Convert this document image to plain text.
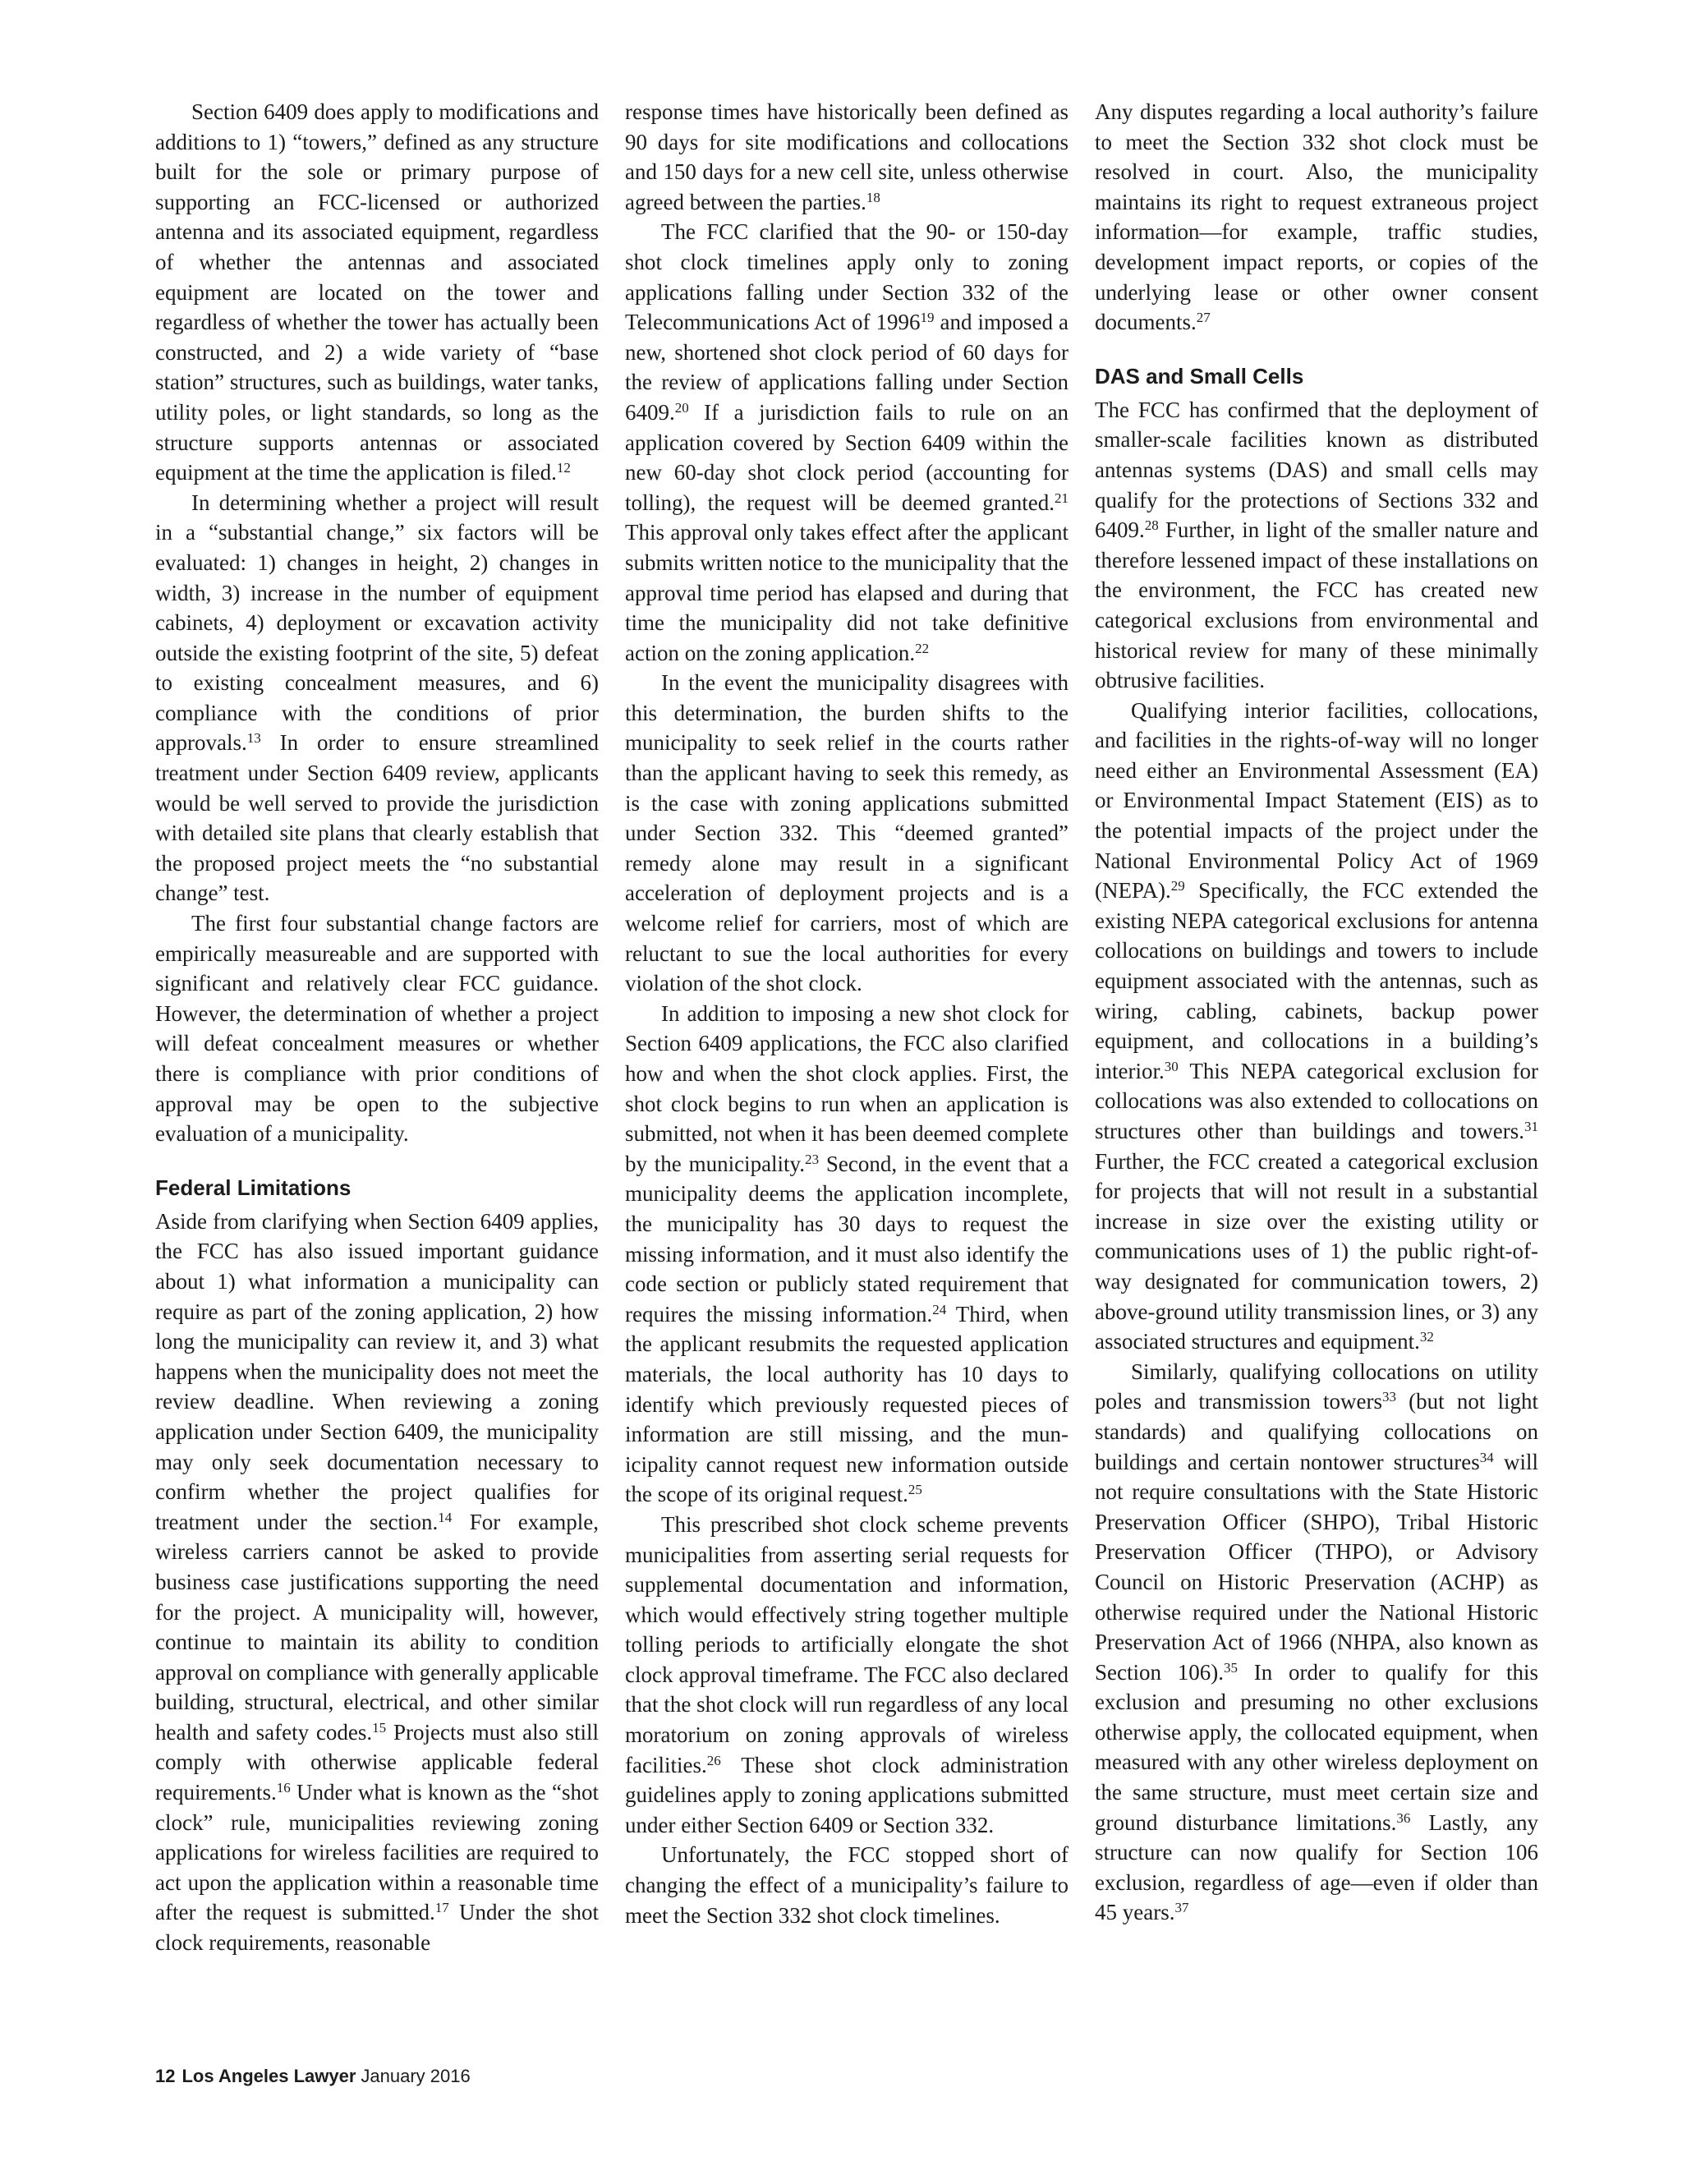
Section 6409 does apply to modifications and additions to 1) “towers,” defined as any structure built for the sole or primary purpose of supporting an FCC-licensed or authorized antenna and its associated equipment, regardless of whether the antennas and associated equipment are located on the tower and regardless of whether the tower has actually been constructed, and 2) a wide variety of “base station” structures, such as buildings, water tanks, utility poles, or light standards, so long as the structure supports antennas or associated equipment at the time the application is filed.$^{12}$

In determining whether a project will result in a “substantial change,” six factors will be evaluated: 1) changes in height, 2) changes in width, 3) increase in the number of equipment cabinets, 4) deployment or excavation activity outside the existing footprint of the site, 5) defeat to existing concealment measures, and 6) compliance with the conditions of prior approvals.$^{13}$ In order to ensure streamlined treatment under Section 6409 review, applicants would be well served to provide the jurisdiction with detailed site plans that clearly establish that the proposed project meets the “no substantial change” test.

The first four substantial change factors are empirically measureable and are supported with significant and relatively clear FCC guidance. However, the determination of whether a project will defeat concealment measures or whether there is compliance with prior conditions of approval may be open to the subjective evaluation of a municipality.

Federal Limitations

Aside from clarifying when Section 6409 applies, the FCC has also issued important guidance about 1) what information a municipality can require as part of the zoning application, 2) how long the municipality can review it, and 3) what happens when the municipality does not meet the review deadline. When reviewing a zoning application under Section 6409, the municipality may only seek documentation necessary to confirm whether the project qualifies for treatment under the section.$^{14}$ For example, wireless carriers cannot be asked to provide business case justifications supporting the need for the project. A municipality will, however, continue to maintain its ability to condition approval on compliance with generally applicable building, structural, electrical, and other similar health and safety codes.$^{15}$ Projects must also still comply with otherwise applicable federal requirements.$^{16}$ Under what is known as the “shot clock” rule, municipalities reviewing zoning applications for wireless facilities are required to act upon the application within a reasonable time after the request is submitted.$^{17}$ Under the shot clock requirements, reasonable

response times have historically been defined as 90 days for site modifications and collocations and 150 days for a new cell site, unless otherwise agreed between the parties.$^{18}$

The FCC clarified that the 90- or 150-day shot clock timelines apply only to zoning applications falling under Section 332 of the Telecommunications Act of 1996$^{19}$ and imposed a new, shortened shot clock period of 60 days for the review of applications falling under Section 6409.20 If a jurisdiction fails to rule on an application covered by Section 6409 within the new 60-day shot clock period (accounting for tolling), the request will be deemed granted.$^{21}$ This approval only takes effect after the applicant submits written notice to the municipality that the approval time period has elapsed and during that time the municipality did not take definitive action on the zoning application.$^{22}$

In the event the municipality disagrees with this determination, the burden shifts to the municipality to seek relief in the courts rather than the applicant having to seek this remedy, as is the case with zoning applications submitted under Section 332. This “deemed granted” remedy alone may result in a significant acceleration of deployment projects and is a welcome relief for carriers, most of which are reluctant to sue the local authorities for every violation of the shot clock.

In addition to imposing a new shot clock for Section 6409 applications, the FCC also clarified how and when the shot clock applies. First, the shot clock begins to run when an application is submitted, not when it has been deemed complete by the municipality.$^{23}$ Second, in the event that a municipality deems the application incomplete, the municipality has 30 days to request the missing information, and it must also identify the code section or publicly stated requirement that requires the missing information.$^{24}$ Third, when the applicant resubmits the requested application materials, the local authority has 10 days to identify which previously requested pieces of information are still missing, and the municipality cannot request new information outside the scope of its original request.$^{25}$

This prescribed shot clock scheme prevents municipalities from asserting serial requests for supplemental documentation and information, which would effectively string together multiple tolling periods to artificially elongate the shot clock approval timeframe. The FCC also declared that the shot clock will run regardless of any local moratorium on zoning approvals of wireless facilities.$^{26}$ These shot clock administration guidelines apply to zoning applications submitted under either Section 6409 or Section 332.

Unfortunately, the FCC stopped short of changing the effect of a municipality’s failure to meet the Section 332 shot clock timelines.

Any disputes regarding a local authority’s failure to meet the Section 332 shot clock must be resolved in court. Also, the municipality maintains its right to request extraneous project information—for example, traffic studies, development impact reports, or copies of the underlying lease or other owner consent documents.$^{27}$

DAS and Small Cells

The FCC has confirmed that the deployment of smaller-scale facilities known as distributed antennas systems (DAS) and small cells may qualify for the protections of Sections 332 and 6409.28 Further, in light of the smaller nature and therefore lessened impact of these installations on the environment, the FCC has created new categorical exclusions from environmental and historical review for many of these minimally obtrusive facilities.

Qualifying interior facilities, collocations, and facilities in the rights-of-way will no longer need either an Environmental Assessment (EA) or Environmental Impact Statement (EIS) as to the potential impacts of the project under the National Environmental Policy Act of 1969 (NEPA).$^{29}$ Specifically, the FCC extended the existing NEPA categorical exclusions for antenna collocations on buildings and towers to include equipment associated with the antennas, such as wiring, cabling, cabinets, backup power equipment, and collocations in a building’s interior.$^{30}$ This NEPA categorical exclusion for collocations was also extended to collocations on structures other than buildings and towers.$^{31}$ Further, the FCC created a categorical exclusion for projects that will not result in a substantial increase in size over the existing utility or communications uses of 1) the public right-of-way designated for communication towers, 2) above-ground utility transmission lines, or 3) any associated structures and equipment.$^{32}$

Similarly, qualifying collocations on utility poles and transmission towers$^{33}$ (but not light standards) and qualifying collocations on buildings and certain nontower structures$^{34}$ will not require consultations with the State Historic Preservation Officer (SHPO), Tribal Historic Preservation Officer (THPO), or Advisory Council on Historic Preservation (ACHP) as otherwise required under the National Historic Preservation Act of 1966 (NHPA, also known as Section 106).$^{35}$ In order to qualify for this exclusion and presuming no other exclusions otherwise apply, the collocated equipment, when measured with any other wireless deployment on the same structure, must meet certain size and ground disturbance limitations.$^{36}$ Lastly, any structure can now qualify for Section 106 exclusion, regardless of age—even if older than 45 years.$^{37}$

12 Los Angeles Lawyer January 2016
